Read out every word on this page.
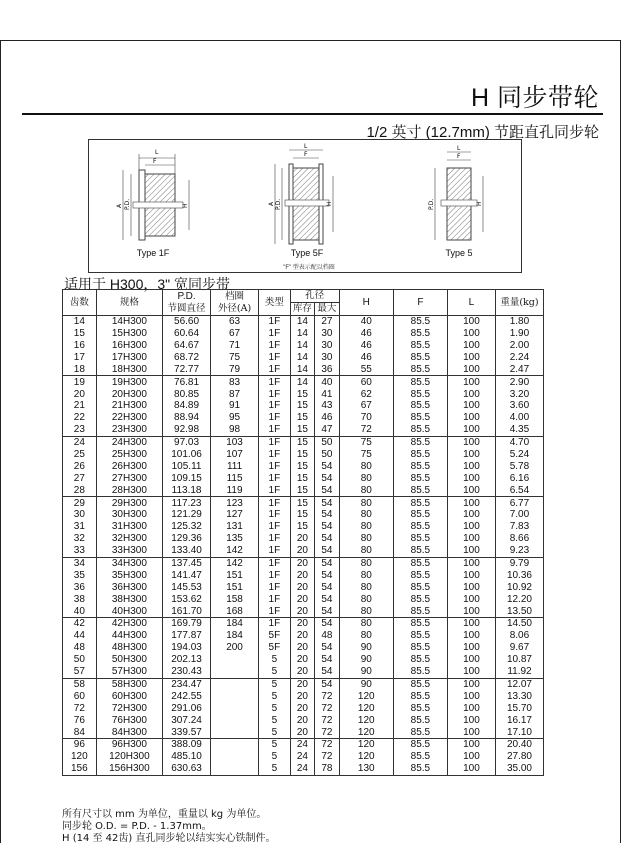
H 同步带轮
1/2 英寸 (12.7mm) 节距直孔同步轮
L
F
A P.D.	H
L
F
A P.D.	H
L
F
P.D.	H
Type 1F	Type 5F	Type 5
"F" 型表示配以档圈
适用于 H300，3" 宽同步带
齿数	规格	P.D.	档圈	类型	孔径		H	F	L	重量(kg)
		节圆直径	外径(A)		库存	最大				
14	14H300	56.60	63	1F	14	27	40	85.5	100	1.80
15	15H300	60.64	67	1F	14	30	46	85.5	100	1.90
16	16H300	64.67	71	1F	14	30	46	85.5	100	2.00
17	17H300	68.72	75	1F	14	30	46	85.5	100	2.24
18	18H300	72.77	79	1F	14	36	55	85.5	100	2.47
19	19H300	76.81	83	1F	14	40	60	85.5	100	2.90
20	20H300	80.85	87	1F	15	41	62	85.5	100	3.20
21	21H300	84.89	91	1F	15	43	67	85.5	100	3.60
22	22H300	88.94	95	1F	15	46	70	85.5	100	4.00
23	23H300	92.98	98	1F	15	47	72	85.5	100	4.35
24	24H300	97.03	103	1F	15	50	75	85.5	100	4.70
25	25H300	101.06	107	1F	15	50	75	85.5	100	5.24
26	26H300	105.11	111	1F	15	54	80	85.5	100	5.78
27	27H300	109.15	115	1F	15	54	80	85.5	100	6.16
28	28H300	113.18	119	1F	15	54	80	85.5	100	6.54
29	29H300	117.23	123	1F	15	54	80	85.5	100	6.77
30	30H300	121.29	127	1F	15	54	80	85.5	100	7.00
31	31H300	125.32	131	1F	15	54	80	85.5	100	7.83
32	32H300	129.36	135	1F	20	54	80	85.5	100	8.66
33	33H300	133.40	142	1F	20	54	80	85.5	100	9.23
34	34H300	137.45	142	1F	20	54	80	85.5	100	9.79
35	35H300	141.47	151	1F	20	54	80	85.5	100	10.36
36	36H300	145.53	151	1F	20	54	80	85.5	100	10.92
38	38H300	153.62	158	1F	20	54	80	85.5	100	12.20
40	40H300	161.70	168	1F	20	54	80	85.5	100	13.50
42	42H300	169.79	184	1F	20	54	80	85.5	100	14.50
44	44H300	177.87	184	5F	20	48	80	85.5	100	8.06
48	48H300	194.03	200	5F	20	54	90	85.5	100	9.67
50	50H300	202.13		5	20	54	90	85.5	100	10.87
57	57H300	230.43		5	20	54	90	85.5	100	11.92
58	58H300	234.47		5	20	54	90	85.5	100	12.07
60	60H300	242.55		5	20	72	120	85.5	100	13.30
72	72H300	291.06		5	20	72	120	85.5	100	15.70
76	76H300	307.24		5	20	72	120	85.5	100	16.17
84	84H300	339.57		5	20	72	120	85.5	100	17.10
96	96H300	388.09		5	24	72	120	85.5	100	20.40
120	120H300	485.10		5	24	72	120	85.5	100	27.80
156	156H300	630.63		5	24	78	130	85.5	100	35.00
所有尺寸以 mm 为单位，重量以 kg 为单位。
同步轮 O.D. = P.D. - 1.37mm。
H (14 至 42齿) 直孔同步轮以结实实心铁制件。
